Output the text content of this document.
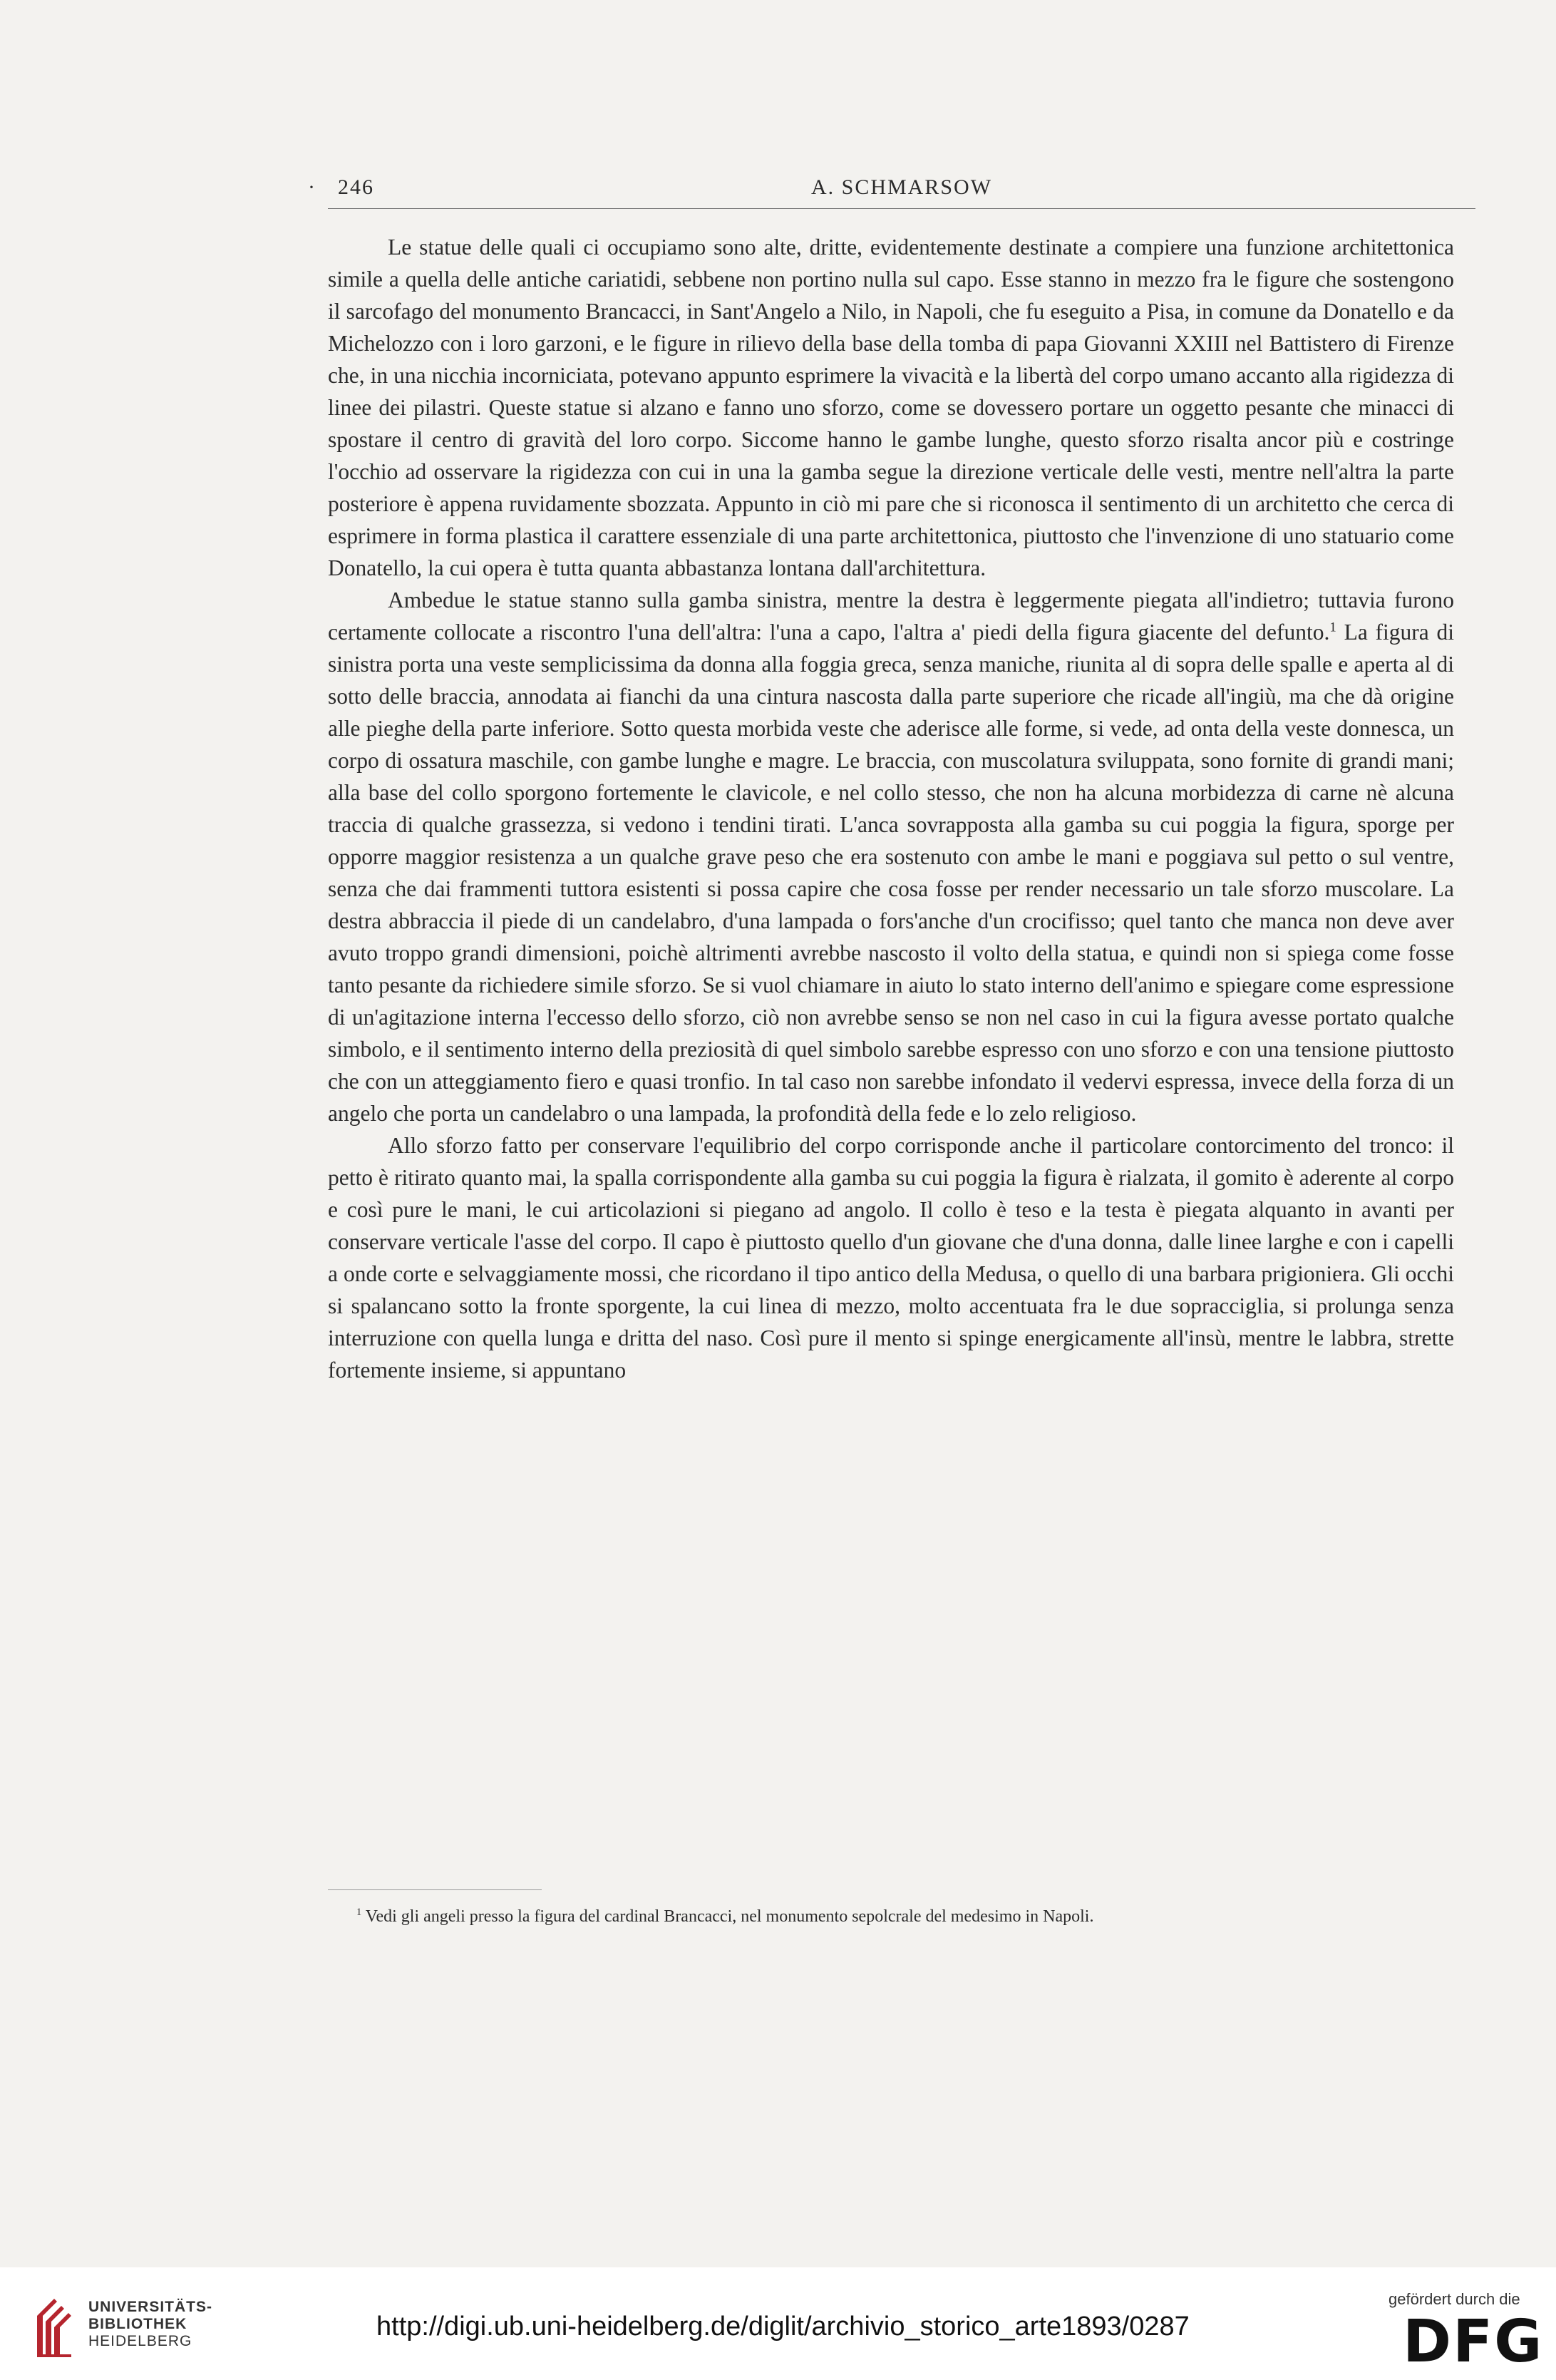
· 246	A. SCHMARSOW

Le statue delle quali ci occupiamo sono alte, dritte, evidentemente destinate a compiere una funzione architettonica simile a quella delle antiche cariatidi, sebbene non portino nulla sul capo. Esse stanno in mezzo fra le figure che sostengono il sarcofago del monumento Brancacci, in Sant'Angelo a Nilo, in Napoli, che fu eseguito a Pisa, in comune da Donatello e da Michelozzo con i loro garzoni, e le figure in rilievo della base della tomba di papa Giovanni XXIII nel Battistero di Firenze che, in una nicchia incorniciata, potevano appunto esprimere la vivacità e la libertà del corpo umano accanto alla rigidezza di linee dei pilastri. Queste statue si alzano e fanno uno sforzo, come se dovessero portare un oggetto pesante che minacci di spostare il centro di gravità del loro corpo. Siccome hanno le gambe lunghe, questo sforzo risalta ancor più e costringe l'occhio ad osservare la rigidezza con cui in una la gamba segue la direzione verticale delle vesti, mentre nell'altra la parte posteriore è appena ruvidamente sbozzata. Appunto in ciò mi pare che si riconosca il sentimento di un architetto che cerca di esprimere in forma plastica il carattere essenziale di una parte architettonica, piuttosto che l'invenzione di uno statuario come Donatello, la cui opera è tutta quanta abbastanza lontana dall'architettura.

Ambedue le statue stanno sulla gamba sinistra, mentre la destra è leggermente piegata all'indietro; tuttavia furono certamente collocate a riscontro l'una dell'altra: l'una a capo, l'altra a' piedi della figura giacente del defunto.$^1$ La figura di sinistra porta una veste semplicissima da donna alla foggia greca, senza maniche, riunita al di sopra delle spalle e aperta al di sotto delle braccia, annodata ai fianchi da una cintura nascosta dalla parte superiore che ricade all'ingiù, ma che dà origine alle pieghe della parte inferiore. Sotto questa morbida veste che aderisce alle forme, si vede, ad onta della veste donnesca, un corpo di ossatura maschile, con gambe lunghe e magre. Le braccia, con muscolatura sviluppata, sono fornite di grandi mani; alla base del collo sporgono fortemente le clavicole, e nel collo stesso, che non ha alcuna morbidezza di carne nè alcuna traccia di qualche grassezza, si vedono i tendini tirati. L'anca sovrapposta alla gamba su cui poggia la figura, sporge per opporre maggior resistenza a un qualche grave peso che era sostenuto con ambe le mani e poggiava sul petto o sul ventre, senza che dai frammenti tuttora esistenti si possa capire che cosa fosse per render necessario un tale sforzo muscolare. La destra abbraccia il piede di un candelabro, d'una lampada o fors'anche d'un crocifisso; quel tanto che manca non deve aver avuto troppo grandi dimensioni, poichè altrimenti avrebbe nascosto il volto della statua, e quindi non si spiega come fosse tanto pesante da richiedere simile sforzo. Se si vuol chiamare in aiuto lo stato interno dell'animo e spiegare come espressione di un'agitazione interna l'eccesso dello sforzo, ciò non avrebbe senso se non nel caso in cui la figura avesse portato qualche simbolo, e il sentimento interno della preziosità di quel simbolo sarebbe espresso con uno sforzo e con una tensione piuttosto che con un atteggiamento fiero e quasi tronfio. In tal caso non sarebbe infondato il vedervi espressa, invece della forza di un angelo che porta un candelabro o una lampada, la profondità della fede e lo zelo religioso.

Allo sforzo fatto per conservare l'equilibrio del corpo corrisponde anche il particolare contorcimento del tronco: il petto è ritirato quanto mai, la spalla corrispondente alla gamba su cui poggia la figura è rialzata, il gomito è aderente al corpo e così pure le mani, le cui articolazioni si piegano ad angolo. Il collo è teso e la testa è piegata alquanto in avanti per conservare verticale l'asse del corpo. Il capo è piuttosto quello d'un giovane che d'una donna, dalle linee larghe e con i capelli a onde corte e selvaggiamente mossi, che ricordano il tipo antico della Medusa, o quello di una barbara prigioniera. Gli occhi si spalancano sotto la fronte sporgente, la cui linea di mezzo, molto accentuata fra le due sopracciglia, si prolunga senza interruzione con quella lunga e dritta del naso. Così pure il mento si spinge energicamente all'insù, mentre le labbra, strette fortemente insieme, si appuntano

$^1$ Vedi gli angeli presso la figura del cardinal Brancacci, nel monumento sepolcrale del medesimo in Napoli.
UNIVERSITÄTS-
BIBLIOTHEK
HEIDELBERG	http://digi.ub.uni-heidelberg.de/diglit/archivio_storico_arte1893/0287
gefördert durch die
DFG
